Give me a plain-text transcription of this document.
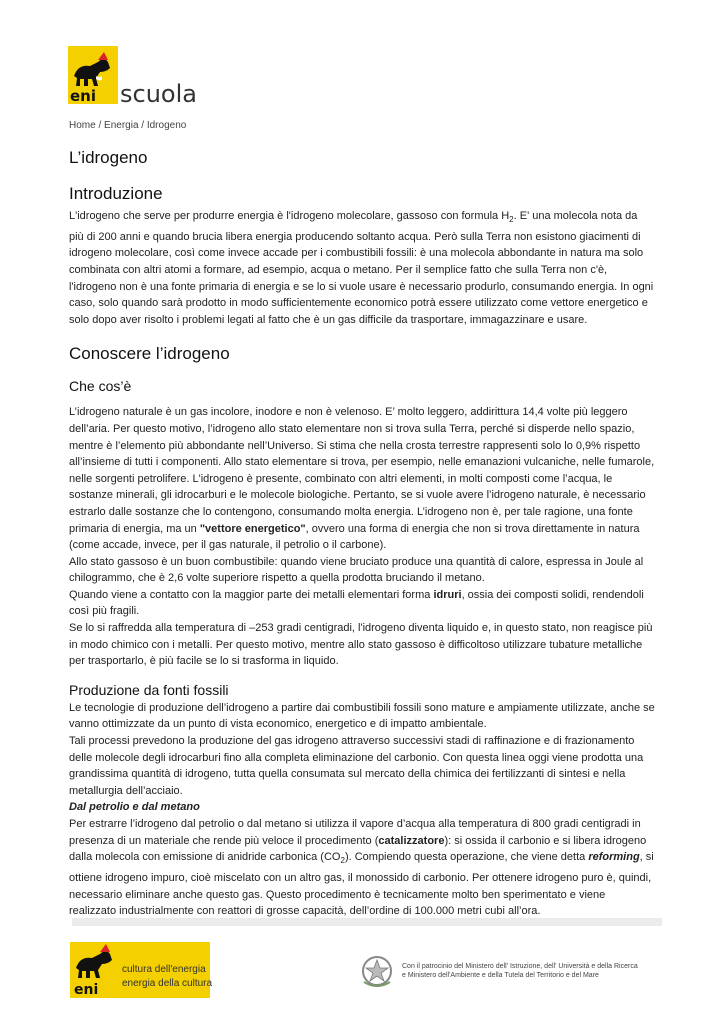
eni scuola
Home / Energia / Idrogeno
L’idrogeno
Introduzione

L'idrogeno che serve per produrre energia è l'idrogeno molecolare, gassoso con formula $H_2$. E' una molecola nota da più di 200 anni e quando brucia libera energia producendo soltanto acqua. Però sulla Terra non esistono giacimenti di idrogeno molecolare, così come invece accade per i combustibili fossili: è una molecola abbondante in natura ma solo combinata con altri atomi a formare, ad esempio, acqua o metano. Per il semplice fatto che sulla Terra non c'è, l'idrogeno non è una fonte primaria di energia e se lo si vuole usare è necessario produrlo, consumando energia. In ogni caso, solo quando sarà prodotto in modo sufficientemente economico potrà essere utilizzato come vettore energetico e solo dopo aver risolto i problemi legati al fatto che è un gas difficile da trasportare, immagazzinare e usare.

Conoscere l’idrogeno
Che cos’è

L’idrogeno naturale è un gas incolore, inodore e non è velenoso. E’ molto leggero, addirittura 14,4 volte più leggero dell’aria. Per questo motivo, l’idrogeno allo stato elementare non si trova sulla Terra, perché si disperde nello spazio, mentre è l’elemento più abbondante nell’Universo. Si stima che nella crosta terrestre rappresenti solo lo 0,9% rispetto all’insieme di tutti i componenti. Allo stato elementare si trova, per esempio, nelle emanazioni vulcaniche, nelle fumarole, nelle sorgenti petrolifere. L'idrogeno è presente, combinato con altri elementi, in molti composti come l’acqua, le sostanze minerali, gli idrocarburi e le molecole biologiche. Pertanto, se si vuole avere l’idrogeno naturale, è necessario estrarlo dalle sostanze che lo contengono, consumando molta energia. L’idrogeno non è, per tale ragione, una fonte primaria di energia, ma un "vettore energetico", ovvero una forma di energia che non si trova direttamente in natura (come accade, invece, per il gas naturale, il petrolio o il carbone).

Allo stato gassoso è un buon combustibile: quando viene bruciato produce una quantità di calore, espressa in Joule al chilogrammo, che è 2,6 volte superiore rispetto a quella prodotta bruciando il metano.

Quando viene a contatto con la maggior parte dei metalli elementari forma idruri, ossia dei composti solidi, rendendoli così più fragili.

Se lo si raffredda alla temperatura di –253 gradi centigradi, l'idrogeno diventa liquido e, in questo stato, non reagisce più in modo chimico con i metalli. Per questo motivo, mentre allo stato gassoso è difficoltoso utilizzare tubature metalliche per trasportarlo, è più facile se lo si trasforma in liquido.

Produzione da fonti fossili

Le tecnologie di produzione dell’idrogeno a partire dai combustibili fossili sono mature e ampiamente utilizzate, anche se vanno ottimizzate da un punto di vista economico, energetico e di impatto ambientale.

Tali processi prevedono la produzione del gas idrogeno attraverso successivi stadi di raffinazione e di frazionamento delle molecole degli idrocarburi fino alla completa eliminazione del carbonio. Con questa linea oggi viene prodotta una grandissima quantità di idrogeno, tutta quella consumata sul mercato della chimica dei fertilizzanti di sintesi e nella metallurgia dell’acciaio.

Dal petrolio e dal metano

Per estrarre l’idrogeno dal petrolio o dal metano si utilizza il vapore d’acqua alla temperatura di 800 gradi centigradi in presenza di un materiale che rende più veloce il procedimento (catalizzatore): si ossida il carbonio e si libera idrogeno dalla molecola con emissione di anidride carbonica $(CO_2)$. Compiendo questa operazione, che viene detta reforming, si ottiene idrogeno impuro, cioè miscelato con un altro gas, il monossido di carbonio. Per ottenere idrogeno puro è, quindi, necessario eliminare anche questo gas. Questo procedimento è tecnicamente molto ben sperimentato e viene realizzato industrialmente con reattori di grosse capacità, dell’ordine di 100.000 metri cubi all’ora.

eni
cultura dell'energia
energia della cultura
Con il patrocinio del Ministero dell' Istruzione, dell' Università e della Ricerca
e Ministero dell'Ambiente e della Tutela del Territorio e del Mare
